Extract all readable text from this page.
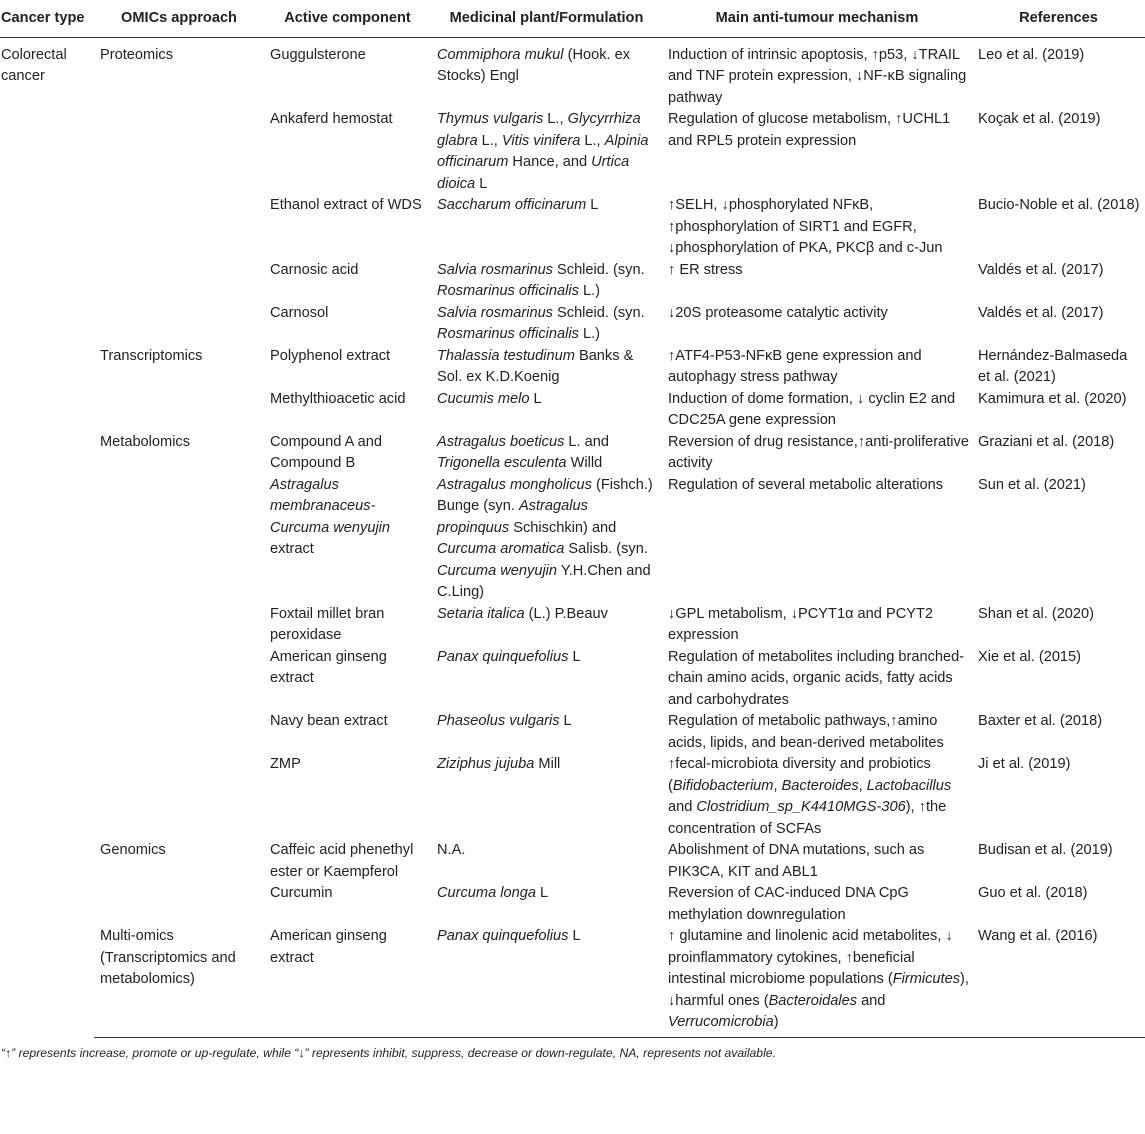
Cancer type	OMICs approach	Active component	Medicinal plant/Formulation	Main anti-tumour mechanism	References
Colorectal cancer	Proteomics	Guggulsterone	Commiphora mukul (Hook. ex Stocks) Engl	Induction of intrinsic apoptosis, ↑p53, ↓TRAIL and TNF protein expression, ↓NF-κB signaling pathway	Leo et al. (2019)
		Ankaferd hemostat	Thymus vulgaris L., Glycyrrhiza glabra L., Vitis vinifera L., Alpinia officinarum Hance, and Urtica dioica L	Regulation of glucose metabolism, ↑UCHL1 and RPL5 protein expression	Koçak et al. (2019)
		Ethanol extract of WDS	Saccharum officinarum L	↑SELH, ↓phosphorylated NFκB, ↑phosphorylation of SIRT1 and EGFR, ↓phosphorylation of PKA, PKCβ and c-Jun	Bucio-Noble et al. (2018)
		Carnosic acid	Salvia rosmarinus Schleid. (syn. Rosmarinus officinalis L.)	↑ ER stress	Valdés et al. (2017)
		Carnosol	Salvia rosmarinus Schleid. (syn. Rosmarinus officinalis L.)	↓20S proteasome catalytic activity	Valdés et al. (2017)
	Transcriptomics	Polyphenol extract	Thalassia testudinum Banks & Sol. ex K.D.Koenig	↑ATF4-P53-NFκB gene expression and autophagy stress pathway	Hernández-Balmaseda et al. (2021)
		Methylthioacetic acid	Cucumis melo L	Induction of dome formation, ↓ cyclin E2 and CDC25A gene expression	Kamimura et al. (2020)
	Metabolomics	Compound A and Compound B	Astragalus boeticus L. and Trigonella esculenta Willd	Reversion of drug resistance,↑anti-proliferative activity	Graziani et al. (2018)
		Astragalus membranaceus-Curcuma wenyujin extract	Astragalus mongholicus (Fishch.) Bunge (syn. Astragalus propinquus Schischkin) and Curcuma aromatica Salisb. (syn. Curcuma wenyujin Y.H.Chen and C.Ling)	Regulation of several metabolic alterations	Sun et al. (2021)
		Foxtail millet bran peroxidase	Setaria italica (L.) P.Beauv	↓GPL metabolism, ↓PCYT1α and PCYT2 expression	Shan et al. (2020)
		American ginseng extract	Panax quinquefolius L	Regulation of metabolites including branched-chain amino acids, organic acids, fatty acids and carbohydrates	Xie et al. (2015)
		Navy bean extract	Phaseolus vulgaris L	Regulation of metabolic pathways,↑amino acids, lipids, and bean-derived metabolites	Baxter et al. (2018)
		ZMP	Ziziphus jujuba Mill	↑fecal-microbiota diversity and probiotics (Bifidobacterium, Bacteroides, Lactobacillus and Clostridium_sp_K4410MGS-306), ↑the concentration of SCFAs	Ji et al. (2019)
	Genomics	Caffeic acid phenethyl ester or Kaempferol	N.A.	Abolishment of DNA mutations, such as PIK3CA, KIT and ABL1	Budisan et al. (2019)
		Curcumin	Curcuma longa L	Reversion of CAC-induced DNA CpG methylation downregulation	Guo et al. (2018)
	Multi-omics (Transcriptomics and metabolomics)	American ginseng extract	Panax quinquefolius L	↑ glutamine and linolenic acid metabolites, ↓ proinflammatory cytokines, ↑beneficial intestinal microbiome populations (Firmicutes), ↓harmful ones (Bacteroidales and Verrucomicrobia)	Wang et al. (2016)
“↑” represents increase, promote or up-regulate, while “↓” represents inhibit, suppress, decrease or down-regulate, NA, represents not available.
